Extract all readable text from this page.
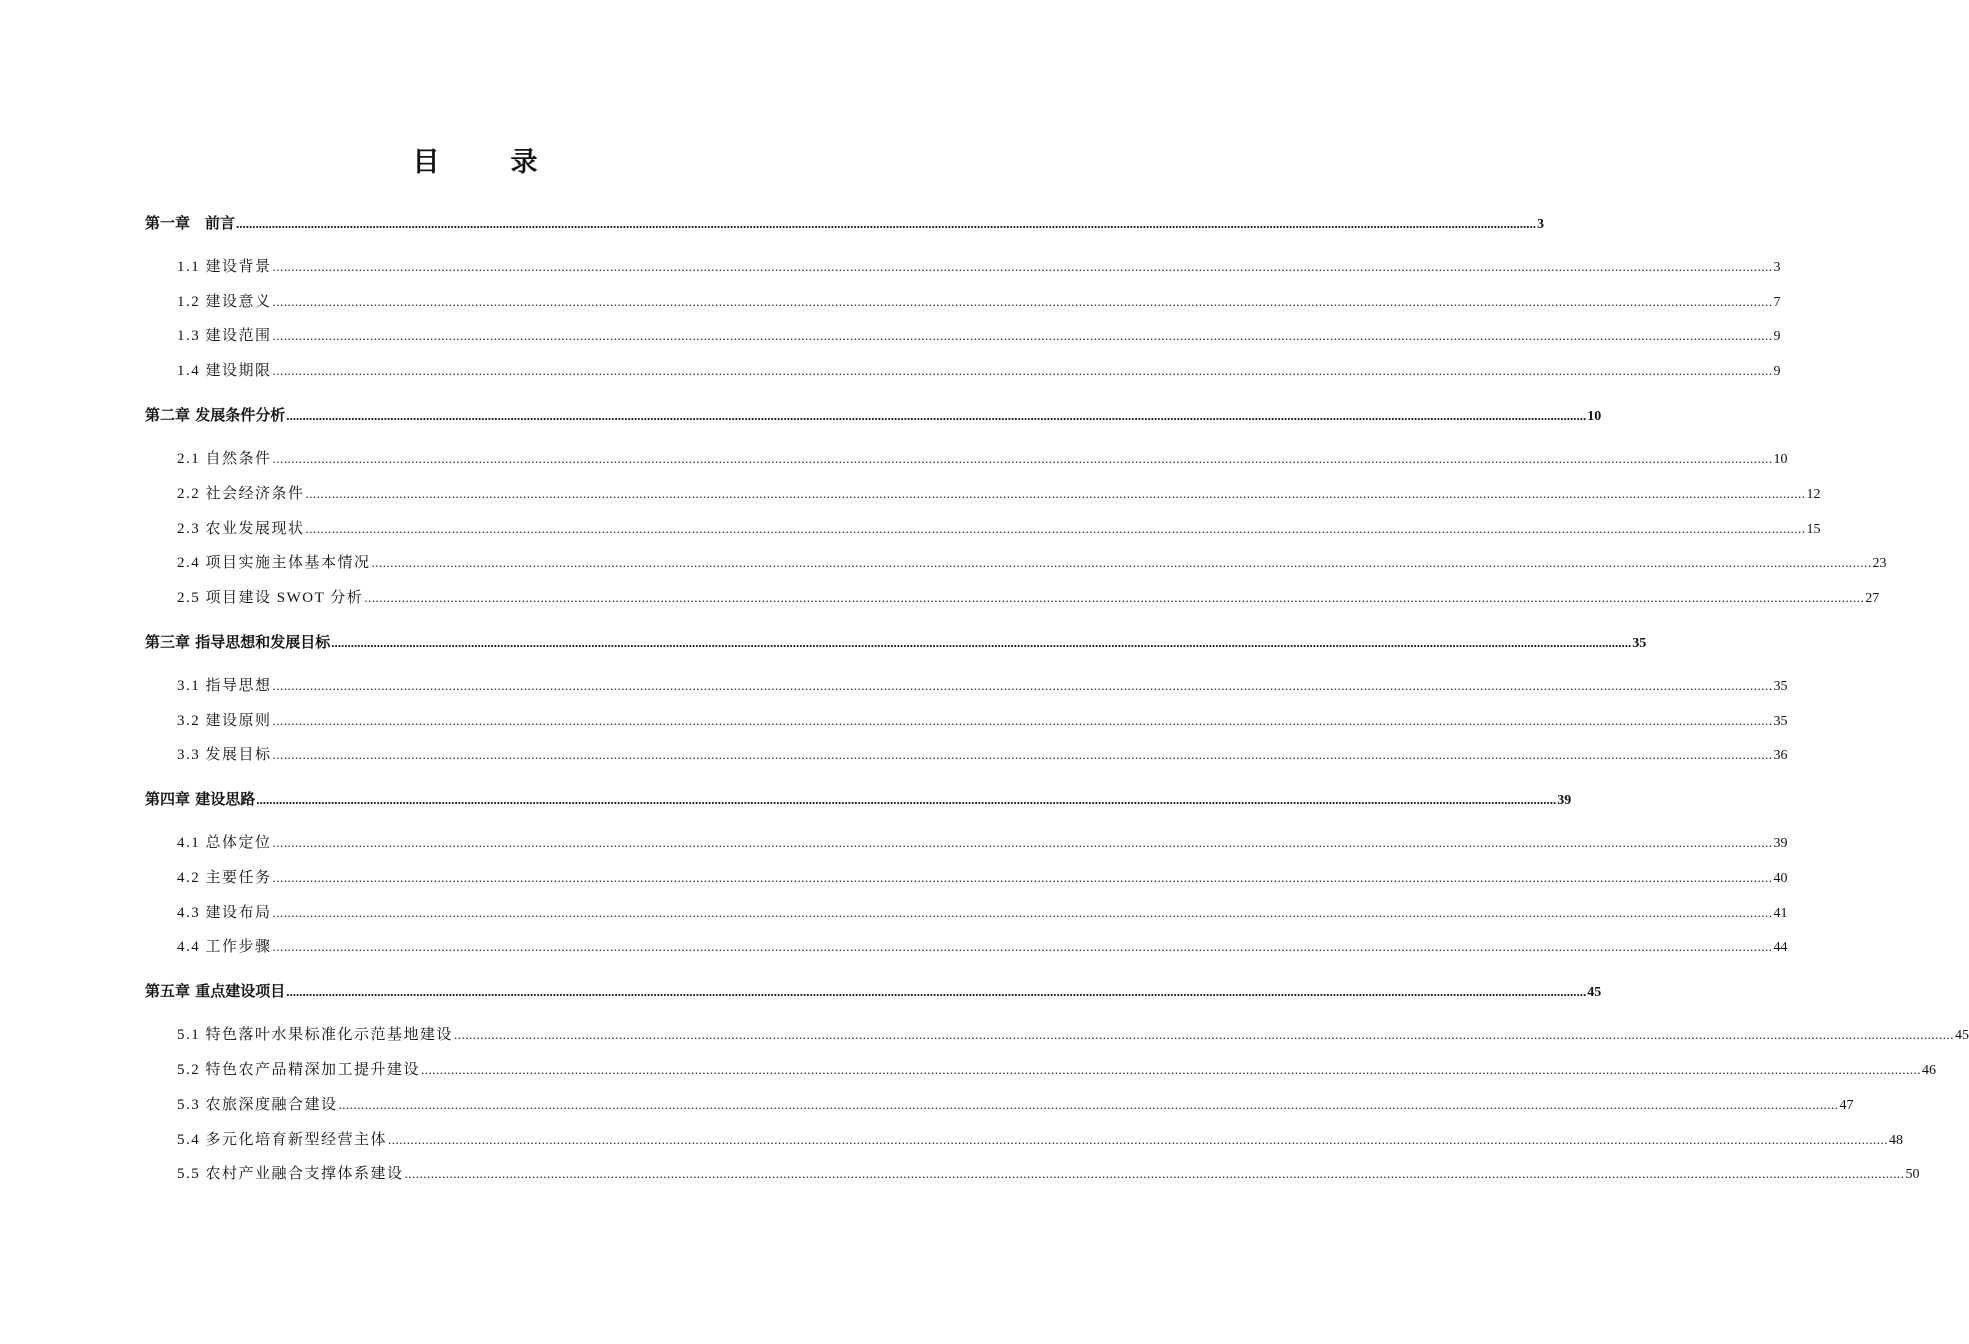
目　录
第一章　前言 ................................................................................................................................................................................................................................................................................................................................................................................................................ 3
1.1 建设背景 ................................................................................................................................................................................................................................................................................................................................................................................................................ 3
1.2 建设意义 ................................................................................................................................................................................................................................................................................................................................................................................................................ 7
1.3 建设范围 ................................................................................................................................................................................................................................................................................................................................................................................................................ 9
1.4 建设期限 ................................................................................................................................................................................................................................................................................................................................................................................................................ 9
第二章 发展条件分析 ................................................................................................................................................................................................................................................................................................................................................................................................................ 10
2.1 自然条件 ................................................................................................................................................................................................................................................................................................................................................................................................................ 10
2.2 社会经济条件 ................................................................................................................................................................................................................................................................................................................................................................................................................ 12
2.3 农业发展现状 ................................................................................................................................................................................................................................................................................................................................................................................................................ 15
2.4 项目实施主体基本情况 ................................................................................................................................................................................................................................................................................................................................................................................................................ 23
2.5 项目建设 SWOT 分析 ................................................................................................................................................................................................................................................................................................................................................................................................................ 27
第三章 指导思想和发展目标 ................................................................................................................................................................................................................................................................................................................................................................................................................ 35
3.1 指导思想 ................................................................................................................................................................................................................................................................................................................................................................................................................ 35
3.2 建设原则 ................................................................................................................................................................................................................................................................................................................................................................................................................ 35
3.3 发展目标 ................................................................................................................................................................................................................................................................................................................................................................................................................ 36
第四章 建设思路 ................................................................................................................................................................................................................................................................................................................................................................................................................ 39
4.1 总体定位 ................................................................................................................................................................................................................................................................................................................................................................................................................ 39
4.2 主要任务 ................................................................................................................................................................................................................................................................................................................................................................................................................ 40
4.3 建设布局 ................................................................................................................................................................................................................................................................................................................................................................................................................ 41
4.4 工作步骤 ................................................................................................................................................................................................................................................................................................................................................................................................................ 44
第五章 重点建设项目 ................................................................................................................................................................................................................................................................................................................................................................................................................ 45
5.1 特色落叶水果标准化示范基地建设 ................................................................................................................................................................................................................................................................................................................................................................................................................ 45
5.2 特色农产品精深加工提升建设 ................................................................................................................................................................................................................................................................................................................................................................................................................ 46
5.3 农旅深度融合建设 ................................................................................................................................................................................................................................................................................................................................................................................................................ 47
5.4 多元化培育新型经营主体 ................................................................................................................................................................................................................................................................................................................................................................................................................ 48
5.5 农村产业融合支撑体系建设 ................................................................................................................................................................................................................................................................................................................................................................................................................ 50
